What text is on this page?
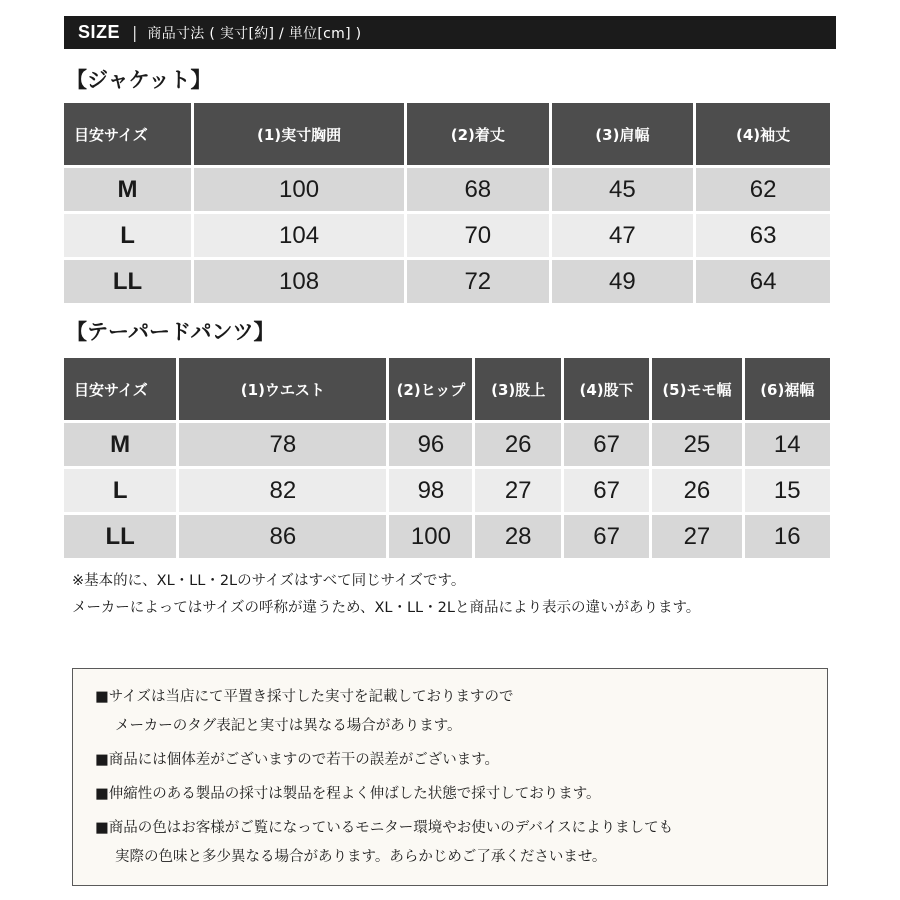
SIZE | 商品寸法 ( 実寸[約] / 単位[cm] )
【ジャケット】
目安サイズ	(1)実寸胸囲	(2)着丈	(3)肩幅	(4)袖丈
M	100	68	45	62
L	104	70	47	63
LL	108	72	49	64
【テーパードパンツ】
目安サイズ	(1)ウエスト	(2)ヒップ	(3)股上	(4)股下	(5)モモ幅	(6)裾幅
M	78	96	26	67	25	14
L	82	98	27	67	26	15
LL	86	100	28	67	27	16
※基本的に、XL・LL・2Lのサイズはすべて同じサイズです。
メーカーによってはサイズの呼称が違うため、XL・LL・2Lと商品により表示の違いがあります。
■サイズは当店にて平置き採寸した実寸を記載しておりますので
メーカーのタグ表記と実寸は異なる場合があります。
■商品には個体差がございますので若干の誤差がございます。
■伸縮性のある製品の採寸は製品を程よく伸ばした状態で採寸しております。
■商品の色はお客様がご覧になっているモニター環境やお使いのデバイスによりましても
実際の色味と多少異なる場合があります。あらかじめご了承くださいませ。
